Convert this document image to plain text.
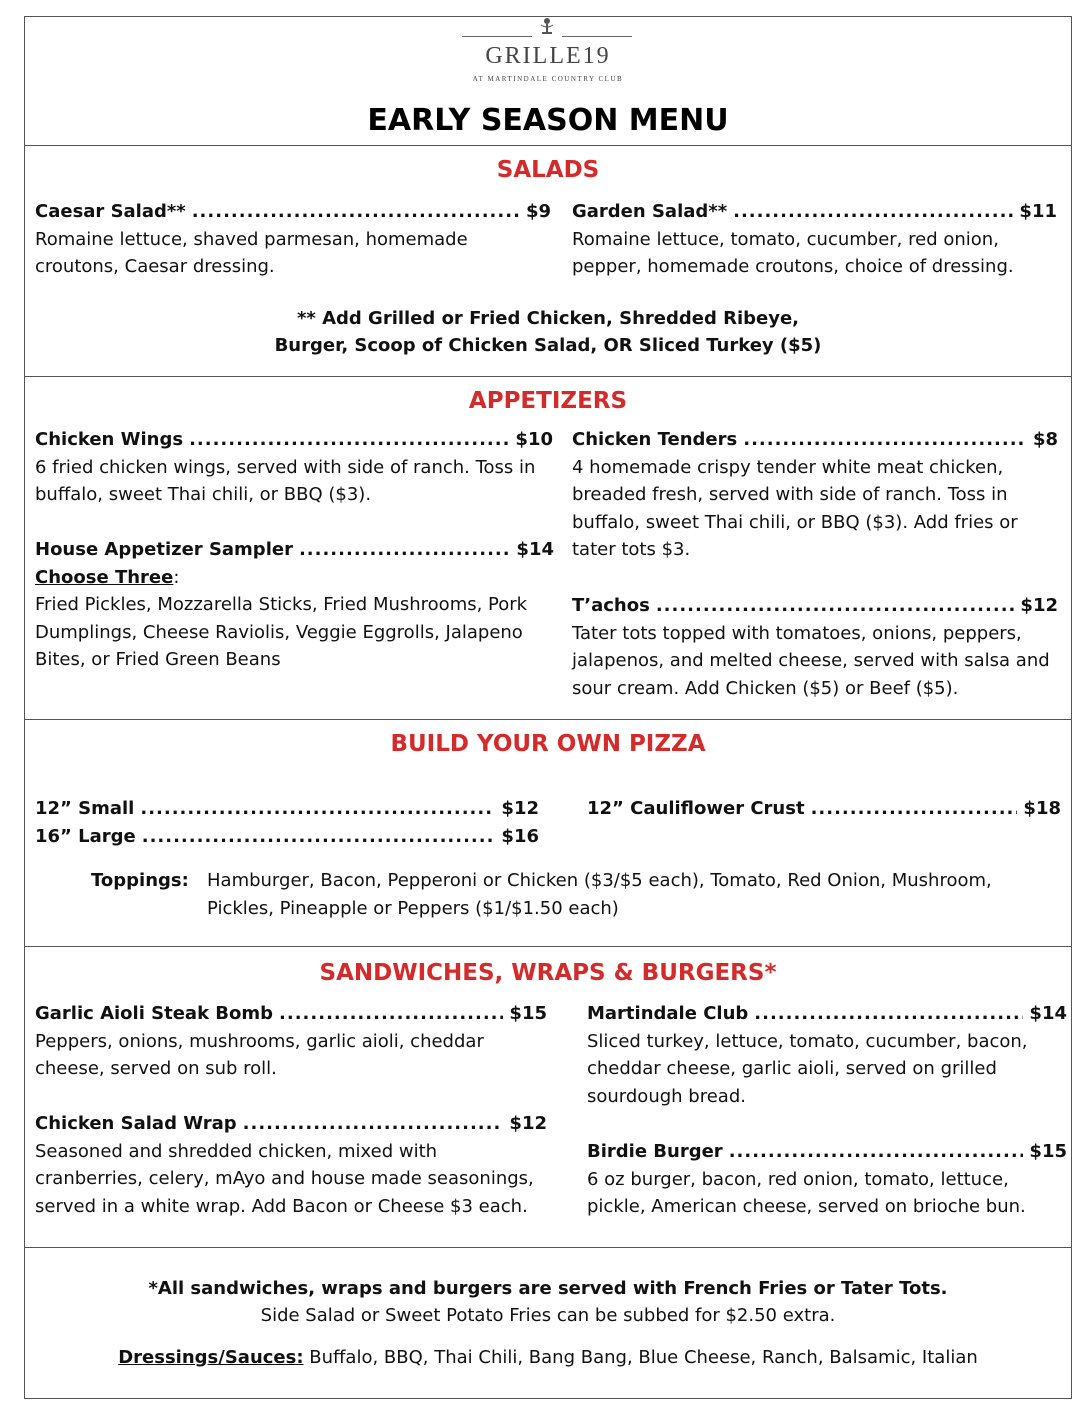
GRILLE19
AT MARTINDALE COUNTRY CLUB
EARLY SEASON MENU
SALADS
Caesar Salad** .....	$9
Romaine lettuce, shaved parmesan, homemade croutons, Caesar dressing.
Garden Salad** .....	$11
Romaine lettuce, tomato, cucumber, red onion, pepper, homemade croutons, choice of dressing.
** Add Grilled or Fried Chicken, Shredded Ribeye,
Burger, Scoop of Chicken Salad, OR Sliced Turkey ($5)
APPETIZERS
Chicken Wings .....	$10
6 fried chicken wings, served with side of ranch. Toss in buffalo, sweet Thai chili, or BBQ ($3).
Chicken Tenders .....	$8
4 homemade crispy tender white meat chicken, breaded fresh, served with side of ranch. Toss in buffalo, sweet Thai chili, or BBQ ($3). Add fries or tater tots $3.
House Appetizer Sampler .....	$14
Choose Three:
Fried Pickles, Mozzarella Sticks, Fried Mushrooms, Pork Dumplings, Cheese Raviolis, Veggie Eggrolls, Jalapeno Bites, or Fried Green Beans
T’achos .....	$12
Tater tots topped with tomatoes, onions, peppers, jalapenos, and melted cheese, served with salsa and sour cream. Add Chicken ($5) or Beef ($5).
BUILD YOUR OWN PIZZA
12” Small .....	$12
16” Large .....	$16
12” Cauliflower Crust .....	$18
Toppings: Hamburger, Bacon, Pepperoni or Chicken ($3/$5 each), Tomato, Red Onion, Mushroom, Pickles, Pineapple or Peppers ($1/$1.50 each)
SANDWICHES, WRAPS & BURGERS*
Garlic Aioli Steak Bomb .....	$15
Peppers, onions, mushrooms, garlic aioli, cheddar cheese, served on sub roll.
Martindale Club .....	$14
Sliced turkey, lettuce, tomato, cucumber, bacon, cheddar cheese, garlic aioli, served on grilled sourdough bread.
Chicken Salad Wrap .....	$12
Seasoned and shredded chicken, mixed with cranberries, celery, mAyo and house made seasonings, served in a white wrap. Add Bacon or Cheese $3 each.
Birdie Burger .....	$15
6 oz burger, bacon, red onion, tomato, lettuce, pickle, American cheese, served on brioche bun.
*All sandwiches, wraps and burgers are served with French Fries or Tater Tots.
Side Salad or Sweet Potato Fries can be subbed for $2.50 extra.
Dressings/Sauces: Buffalo, BBQ, Thai Chili, Bang Bang, Blue Cheese, Ranch, Balsamic, Italian
